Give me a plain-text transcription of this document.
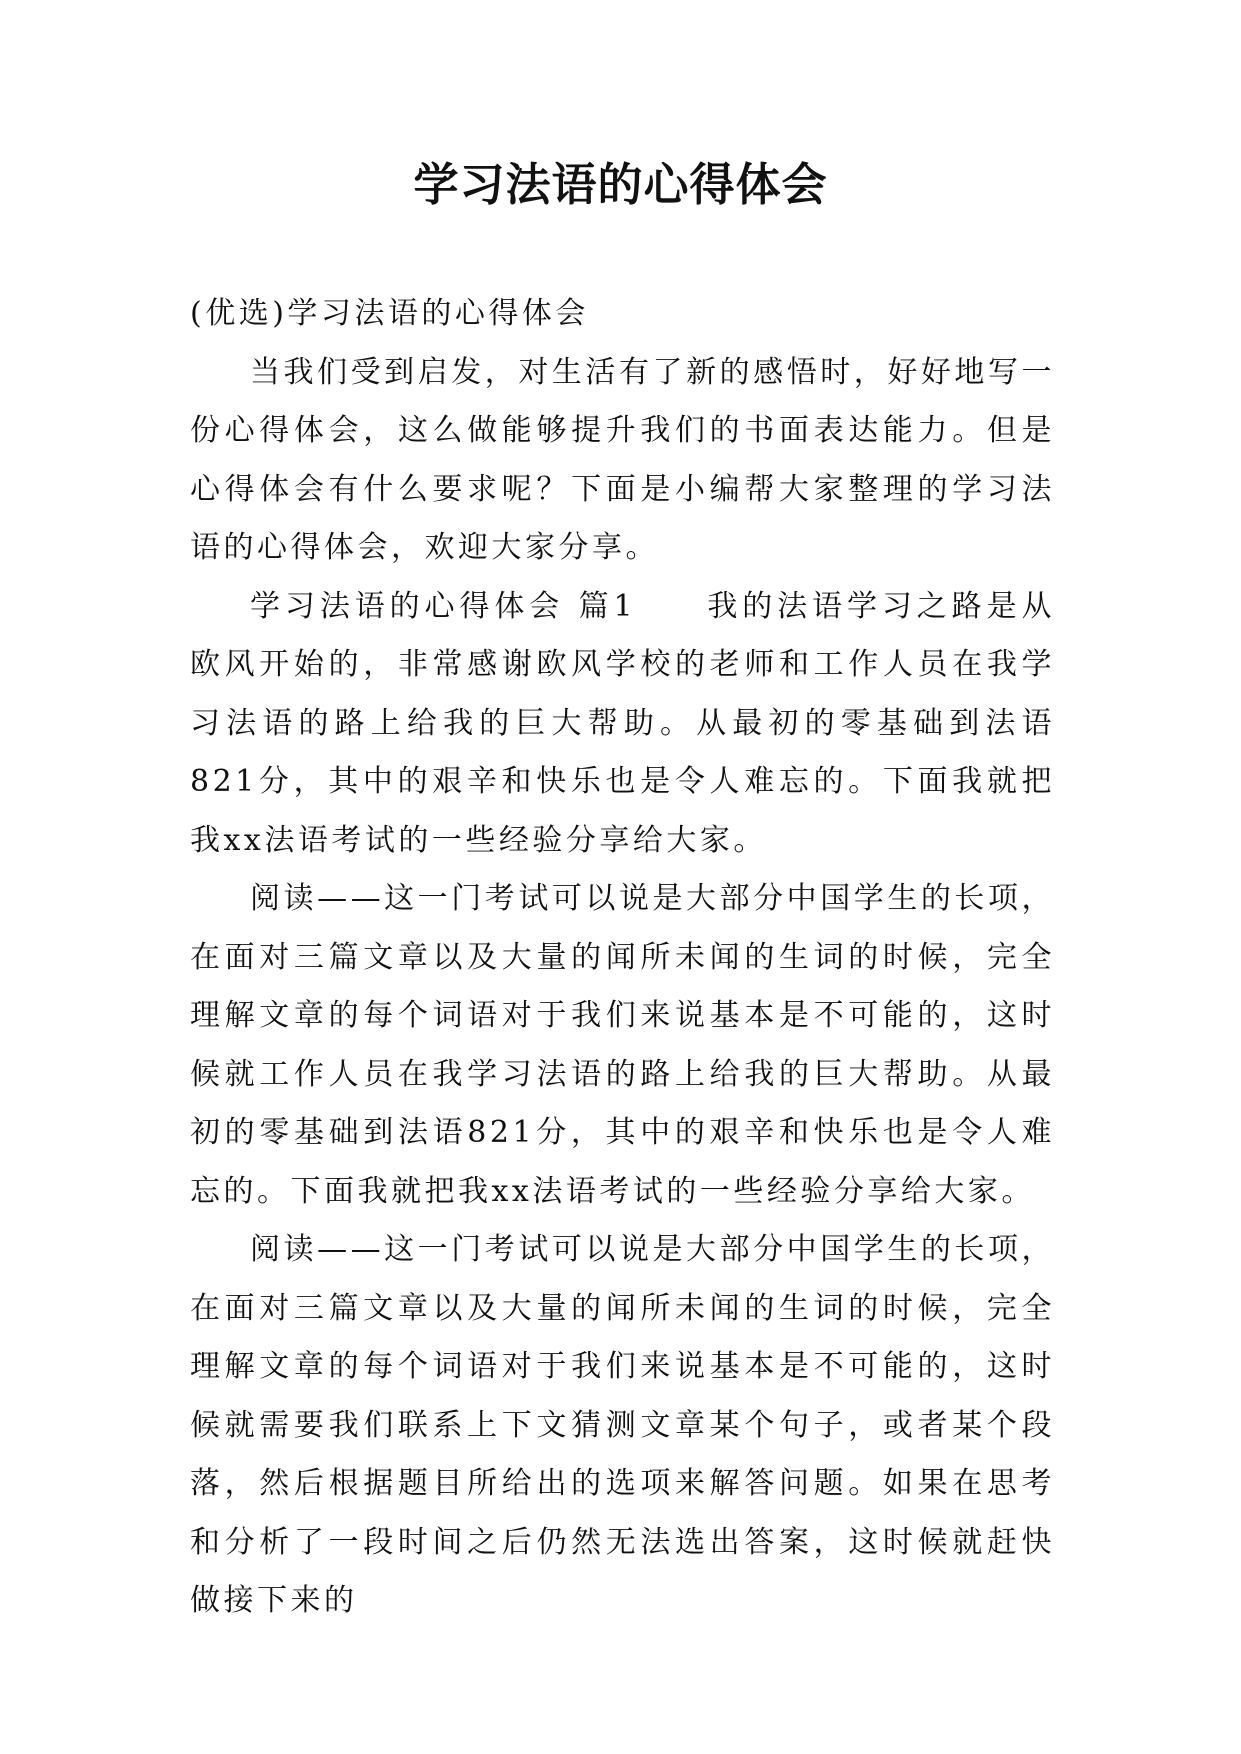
学习法语的心得体会

(优选)学习法语的心得体会

当我们受到启发，对生活有了新的感悟时，好好地写一份心得体会，这么做能够提升我们的书面表达能力。但是心得体会有什么要求呢？下面是小编帮大家整理的学习法语的心得体会，欢迎大家分享。

学习法语的心得体会 篇1　　我的法语学习之路是从欧风开始的，非常感谢欧风学校的老师和工作人员在我学习法语的路上给我的巨大帮助。从最初的零基础到法语821分，其中的艰辛和快乐也是令人难忘的。下面我就把我xx法语考试的一些经验分享给大家。

阅读——这一门考试可以说是大部分中国学生的长项，在面对三篇文章以及大量的闻所未闻的生词的时候，完全理解文章的每个词语对于我们来说基本是不可能的，这时候就工作人员在我学习法语的路上给我的巨大帮助。从最初的零基础到法语821分，其中的艰辛和快乐也是令人难忘的。下面我就把我xx法语考试的一些经验分享给大家。

阅读——这一门考试可以说是大部分中国学生的长项，在面对三篇文章以及大量的闻所未闻的生词的时候，完全理解文章的每个词语对于我们来说基本是不可能的，这时候就需要我们联系上下文猜测文章某个句子，或者某个段落，然后根据题目所给出的选项来解答问题。如果在思考和分析了一段时间之后仍然无法选出答案，这时候就赶快做接下来的
